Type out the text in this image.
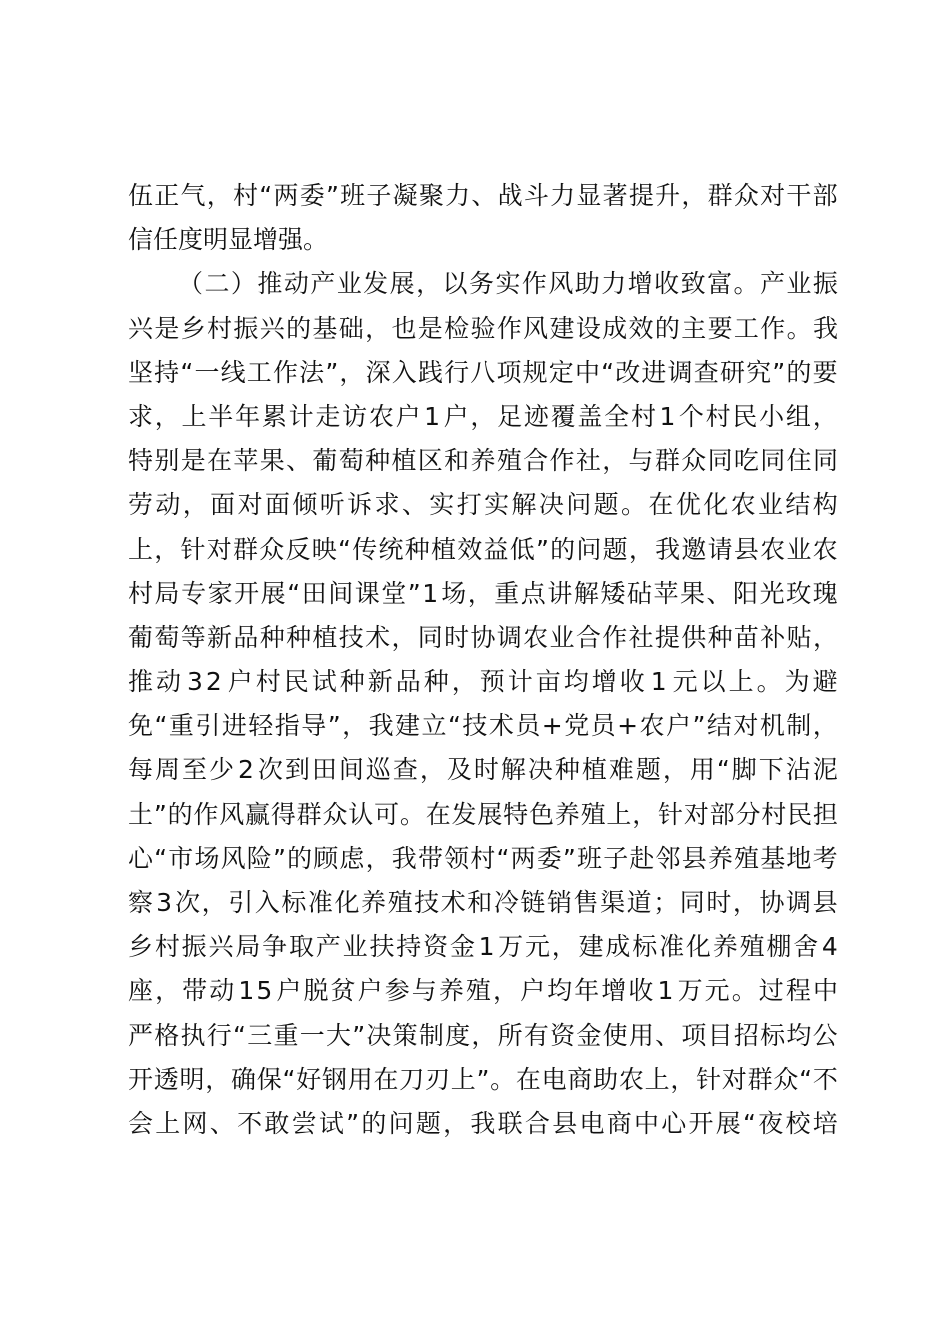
伍 正 气 ， 村 “ 两 委 ” 班 子 凝 聚 力 、 战 斗 力 显 著 提 升 ， 群 众 对 干 部
信任度明显增强。
（ 二 ） 推 动 产 业 发 展 ， 以 务 实 作 风 助 力 增 收 致 富 。 产 业 振
兴 是 乡 村 振 兴 的 基 础 ， 也 是 检 验 作 风 建 设 成 效 的 主 要 工 作 。 我
坚 持 “ 一 线 工 作 法 ” ， 深 入 践 行 八 项 规 定 中 “ 改 进 调 查 研 究 ” 的 要
求 ， 上 半 年 累 计 走 访 农 户 1 户 ， 足 迹 覆 盖 全 村 1 个 村 民 小 组 ，
特 别 是 在 苹 果 、 葡 萄 种 植 区 和 养 殖 合 作 社 ， 与 群 众 同 吃 同 住 同
劳 动 ， 面 对 面 倾 听 诉 求 、 实 打 实 解 决 问 题 。 在 优 化 农 业 结 构
上 ， 针 对 群 众 反 映 “ 传 统 种 植 效 益 低 ” 的 问 题 ， 我 邀 请 县 农 业 农
村 局 专 家 开 展 “ 田 间 课 堂 ” 1 场 ， 重 点 讲 解 矮 砧 苹 果 、 阳 光 玫 瑰
葡 萄 等 新 品 种 种 植 技 术 ， 同 时 协 调 农 业 合 作 社 提 供 种 苗 补 贴 ，
推 动 3 2 户 村 民 试 种 新 品 种 ， 预 计 亩 均 增 收 1 元 以 上 。 为 避
免 “ 重 引 进 轻 指 导 ” ， 我 建 立 “ 技 术 员 + 党 员 + 农 户 ” 结 对 机 制 ，
每 周 至 少 2 次 到 田 间 巡 查 ， 及 时 解 决 种 植 难 题 ， 用 “ 脚 下 沾 泥
土 ” 的 作 风 赢 得 群 众 认 可 。 在 发 展 特 色 养 殖 上 ， 针 对 部 分 村 民 担
心 “ 市 场 风 险 ” 的 顾 虑 ， 我 带 领 村 “ 两 委 ” 班 子 赴 邻 县 养 殖 基 地 考
察 3 次 ， 引 入 标 准 化 养 殖 技 术 和 冷 链 销 售 渠 道 ； 同 时 ， 协 调 县
乡 村 振 兴 局 争 取 产 业 扶 持 资 金 1 万 元 ， 建 成 标 准 化 养 殖 棚 舍 4
座 ， 带 动 1 5 户 脱 贫 户 参 与 养 殖 ， 户 均 年 增 收 1 万 元 。 过 程 中
严 格 执 行 “ 三 重 一 大 ” 决 策 制 度 ， 所 有 资 金 使 用 、 项 目 招 标 均 公
开 透 明 ， 确 保 “ 好 钢 用 在 刀 刃 上 ” 。 在 电 商 助 农 上 ， 针 对 群 众 “ 不
会 上 网 、 不 敢 尝 试 ” 的 问 题 ， 我 联 合 县 电 商 中 心 开 展 “ 夜 校 培
